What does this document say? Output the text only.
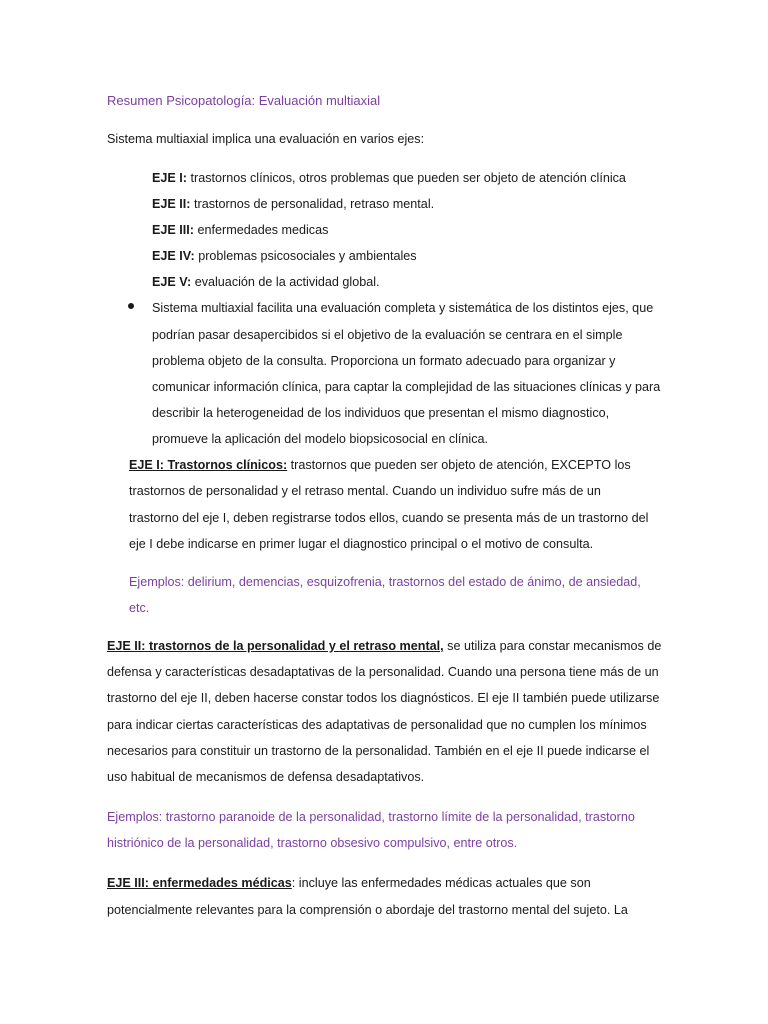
Resumen Psicopatología: Evaluación multiaxial
Sistema multiaxial implica una evaluación en varios ejes:
EJE I: trastornos clínicos, otros problemas que pueden ser objeto de atención clínica
EJE II: trastornos de personalidad, retraso mental.
EJE III: enfermedades medicas
EJE IV: problemas psicosociales y ambientales
EJE V: evaluación de la actividad global.
Sistema multiaxial facilita una evaluación completa y sistemática de los distintos ejes, que
podrían pasar desapercibidos si el objetivo de la evaluación se centrara en el simple
problema objeto de la consulta. Proporciona un formato adecuado para organizar y
comunicar información clínica, para captar la complejidad de las situaciones clínicas y para
describir la heterogeneidad de los individuos que presentan el mismo diagnostico,
promueve la aplicación del modelo biopsicosocial en clínica.
EJE I: Trastornos clínicos: trastornos que pueden ser objeto de atención, EXCEPTO los
trastornos de personalidad y el retraso mental. Cuando un individuo sufre más de un
trastorno del eje I, deben registrarse todos ellos, cuando se presenta más de un trastorno del
eje I debe indicarse en primer lugar el diagnostico principal o el motivo de consulta.
Ejemplos: delirium, demencias, esquizofrenia, trastornos del estado de ánimo, de ansiedad,
etc.
EJE II: trastornos de la personalidad y el retraso mental, se utiliza para constar mecanismos de
defensa y características desadaptativas de la personalidad. Cuando una persona tiene más de un
trastorno del eje II, deben hacerse constar todos los diagnósticos. El eje II también puede utilizarse
para indicar ciertas características des adaptativas de personalidad que no cumplen los mínimos
necesarios para constituir un trastorno de la personalidad. También en el eje II puede indicarse el
uso habitual de mecanismos de defensa desadaptativos.
Ejemplos: trastorno paranoide de la personalidad, trastorno límite de la personalidad, trastorno
histriónico de la personalidad, trastorno obsesivo compulsivo, entre otros.
EJE III: enfermedades médicas: incluye las enfermedades médicas actuales que son
potencialmente relevantes para la comprensión o abordaje del trastorno mental del sujeto. La
